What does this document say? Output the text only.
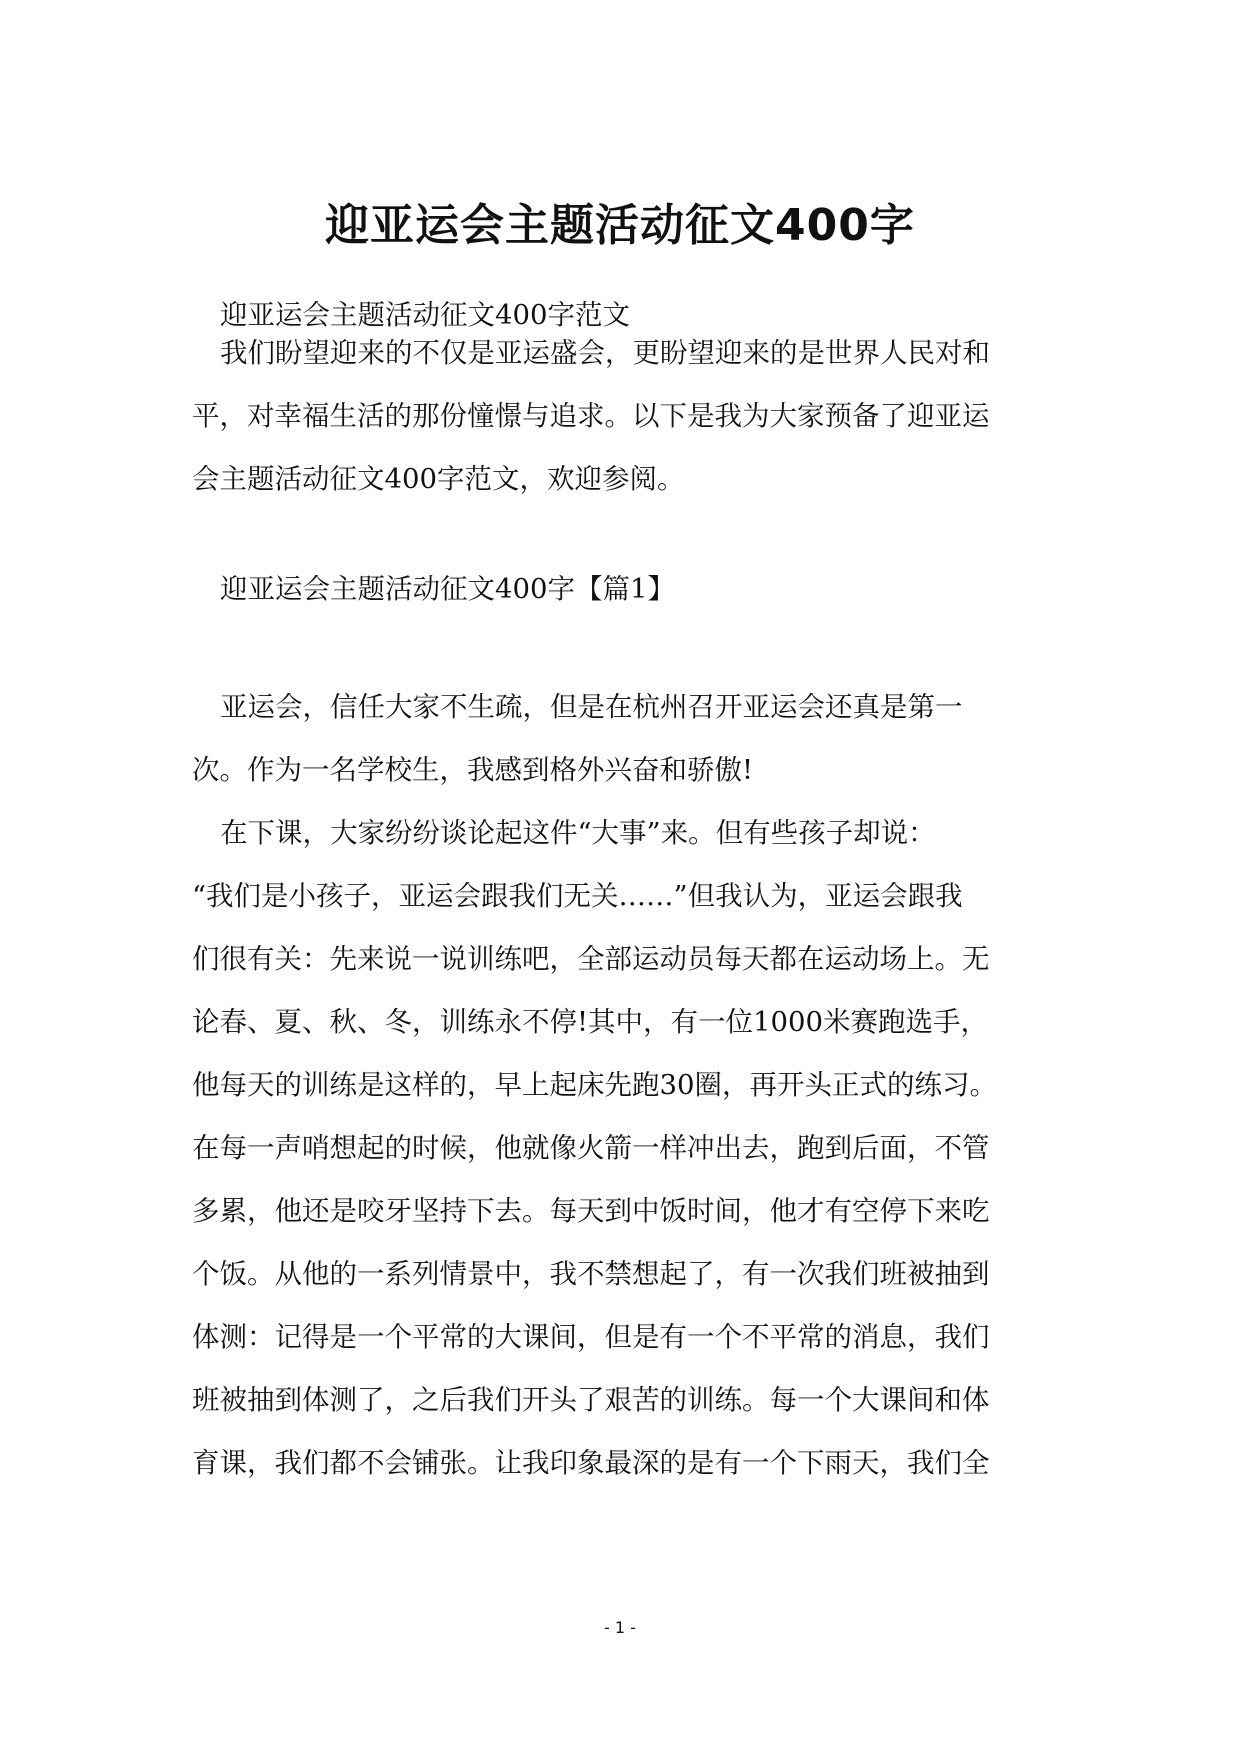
迎亚运会主题活动征文400字
迎亚运会主题活动征文400字范文
我们盼望迎来的不仅是亚运盛会，更盼望迎来的是世界人民对和
平，对幸福生活的那份憧憬与追求。以下是我为大家预备了迎亚运
会主题活动征文400字范文，欢迎参阅。
迎亚运会主题活动征文400字【篇1】
亚运会，信任大家不生疏，但是在杭州召开亚运会还真是第一
次。作为一名学校生，我感到格外兴奋和骄傲!
在下课，大家纷纷谈论起这件“大事”来。但有些孩子却说：
“我们是小孩子，亚运会跟我们无关……”但我认为，亚运会跟我
们很有关：先来说一说训练吧，全部运动员每天都在运动场上。无
论春、夏、秋、冬，训练永不停!其中，有一位1000米赛跑选手，
他每天的训练是这样的，早上起床先跑30圈，再开头正式的练习。
在每一声哨想起的时候，他就像火箭一样冲出去，跑到后面，不管
多累，他还是咬牙坚持下去。每天到中饭时间，他才有空停下来吃
个饭。从他的一系列情景中，我不禁想起了，有一次我们班被抽到
体测：记得是一个平常的大课间，但是有一个不平常的消息，我们
班被抽到体测了，之后我们开头了艰苦的训练。每一个大课间和体
育课，我们都不会铺张。让我印象最深的是有一个下雨天，我们全
- 1 -
